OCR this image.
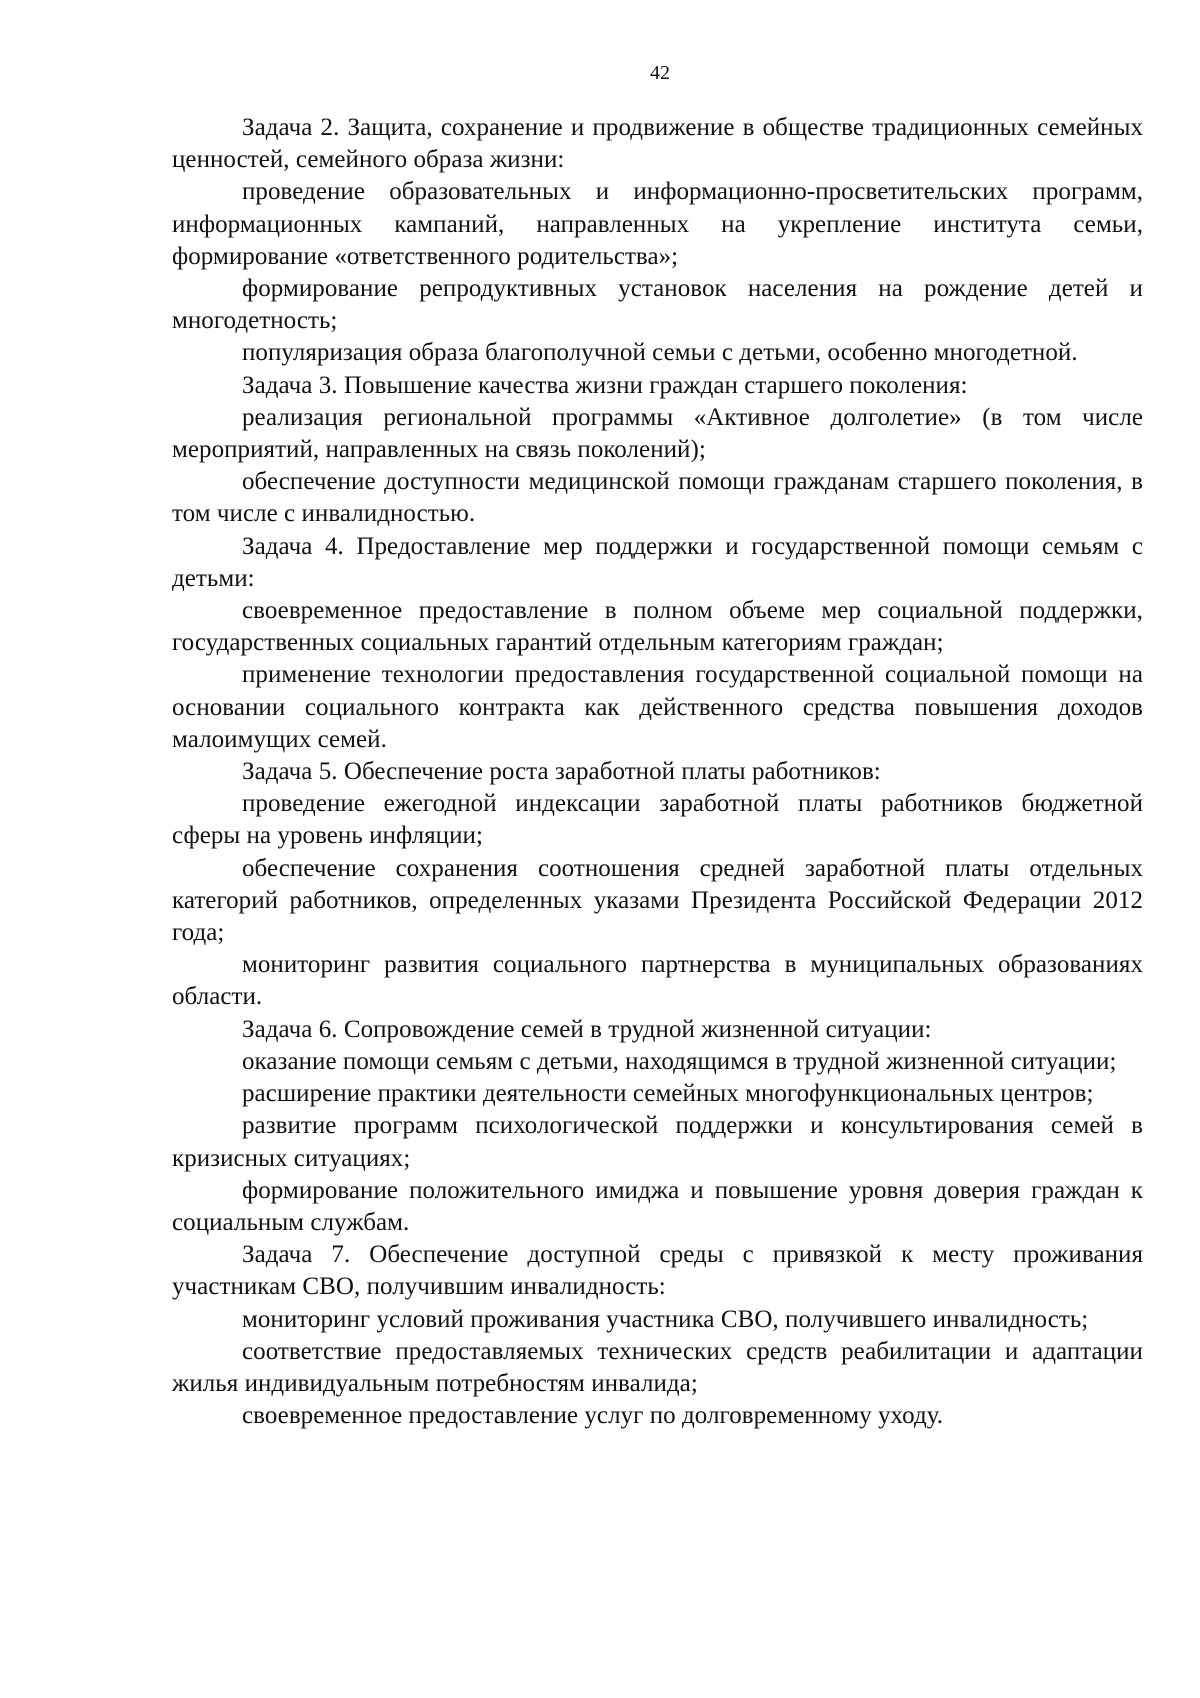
42

Задача 2. Защита, сохранение и продвижение в обществе традиционных семейных ценностей, семейного образа жизни:

проведение образовательных и информационно-просветительских программ, информационных кампаний, направленных на укрепление института семьи, формирование «ответственного родительства»;

формирование репродуктивных установок населения на рождение детей и многодетность;

популяризация образа благополучной семьи с детьми, особенно многодетной.

Задача 3. Повышение качества жизни граждан старшего поколения:

реализация региональной программы «Активное долголетие» (в том числе мероприятий, направленных на связь поколений);

обеспечение доступности медицинской помощи гражданам старшего поколения, в том числе с инвалидностью.

Задача 4. Предоставление мер поддержки и государственной помощи семьям с детьми:

своевременное предоставление в полном объеме мер социальной поддержки, государственных социальных гарантий отдельным категориям граждан;

применение технологии предоставления государственной социальной помощи на основании социального контракта как действенного средства повышения доходов малоимущих семей.

Задача 5. Обеспечение роста заработной платы работников:

проведение ежегодной индексации заработной платы работников бюджетной сферы на уровень инфляции;

обеспечение сохранения соотношения средней заработной платы отдельных категорий работников, определенных указами Президента Российской Федерации 2012 года;

мониторинг развития социального партнерства в муниципальных образованиях области.

Задача 6. Сопровождение семей в трудной жизненной ситуации:

оказание помощи семьям с детьми, находящимся в трудной жизненной ситуации;

расширение практики деятельности семейных многофункциональных центров;

развитие программ психологической поддержки и консультирования семей в кризисных ситуациях;

формирование положительного имиджа и повышение уровня доверия граждан к социальным службам.

Задача 7. Обеспечение доступной среды с привязкой к месту проживания участникам СВО, получившим инвалидность:

мониторинг условий проживания участника СВО, получившего инвалидность;

соответствие предоставляемых технических средств реабилитации и адаптации жилья индивидуальным потребностям инвалида;

своевременное предоставление услуг по долговременному уходу.
